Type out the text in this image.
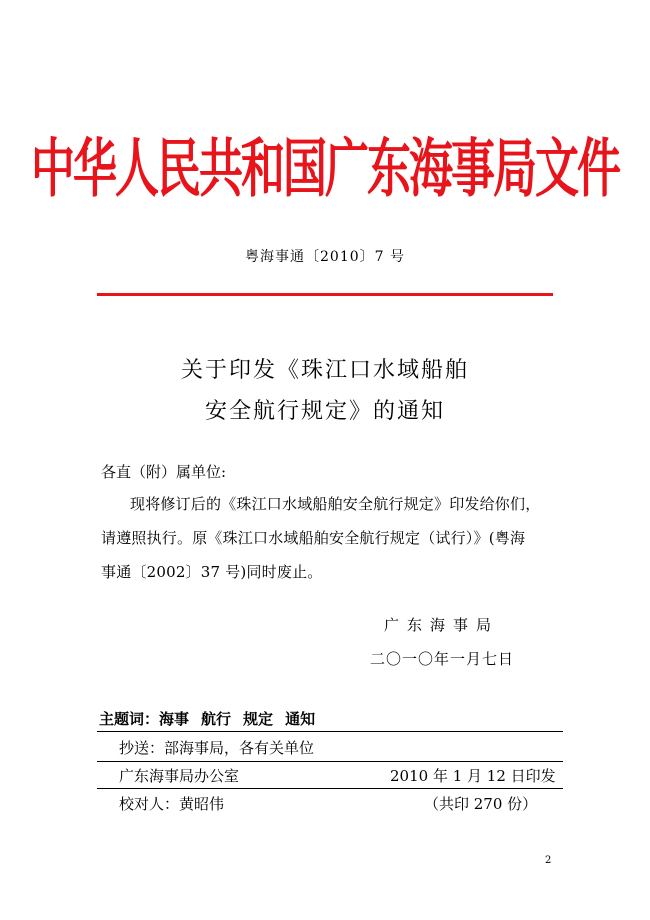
中华人民共和国广东海事局文件
粤海事通〔2010〕7 号
关于印发《珠江口水域船舶
安全航行规定》的通知
各直（附）属单位:
现将修订后的《珠江口水域船舶安全航行规定》印发给你们，
请遵照执行。原《珠江口水域船舶安全航行规定（试行）》(粤海
事通〔2002〕37 号)同时废止。
广东海事局
二〇一〇年一月七日
主题词：海事 航行 规定 通知
抄送：部海事局，各有关单位
广东海事局办公室	2010 年 1 月 12 日印发
校对人：黄昭伟	（共印 270 份）
2
